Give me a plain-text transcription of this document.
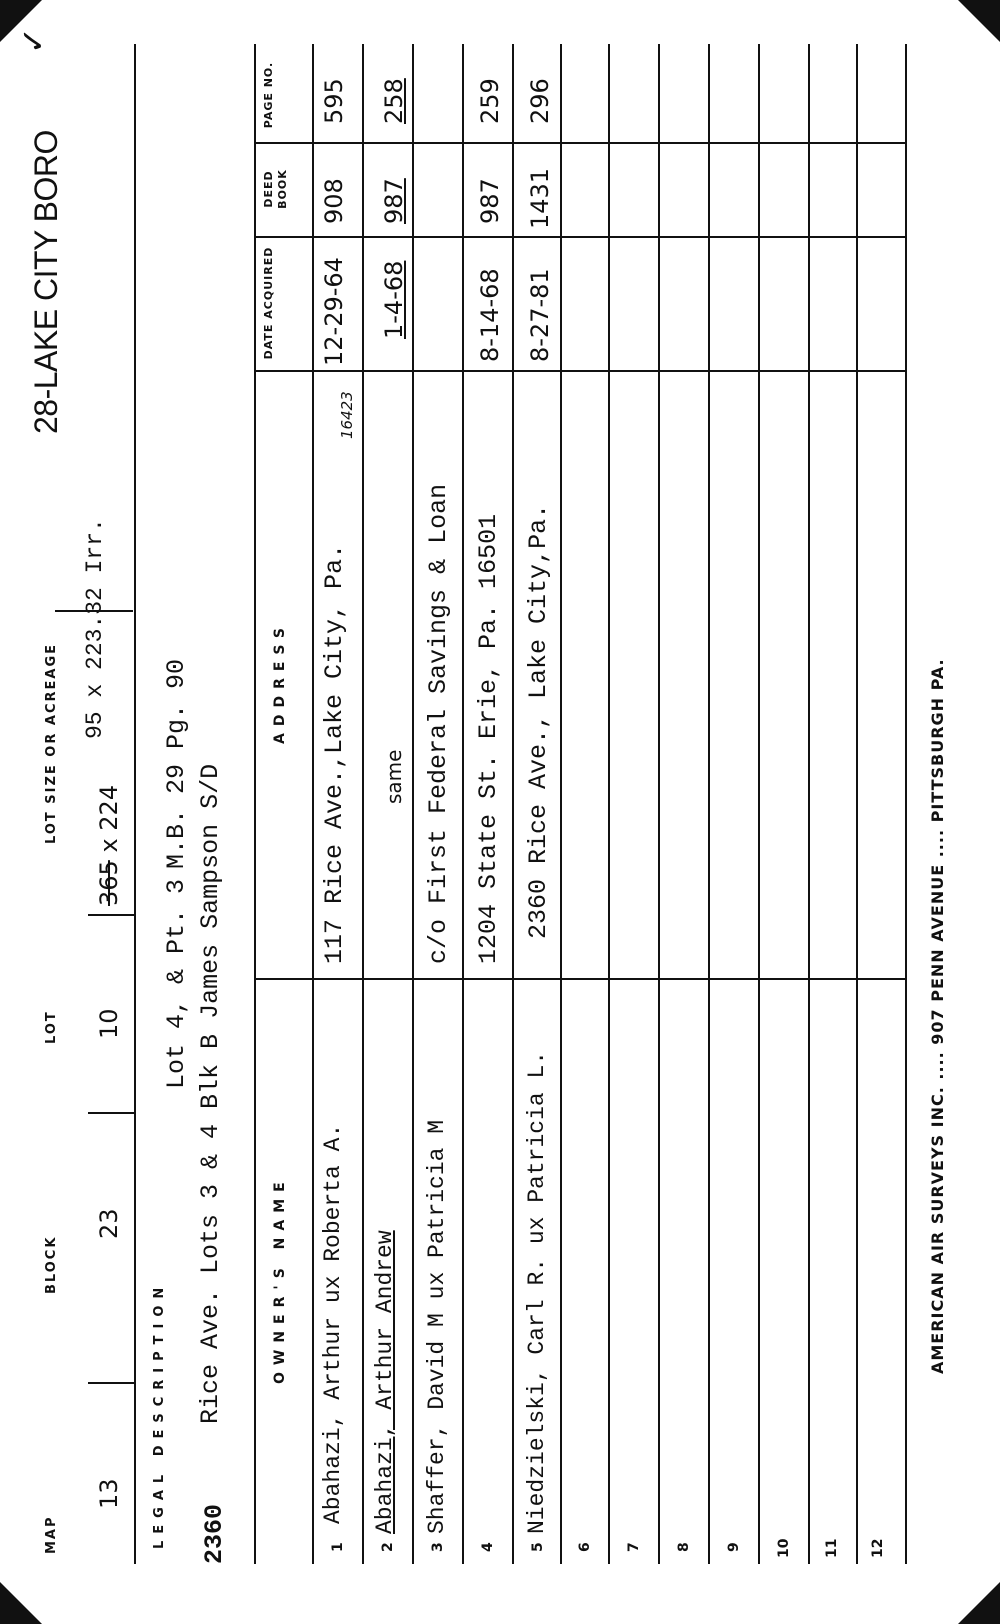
28-LAKE CITY BORO
✓
MAP
BLOCK
LOT
LOT SIZE OR ACREAGE
13
23
10
365 x 224
95 x 223.32 Irr.
LEGAL DESCRIPTION
Lot 4, & Pt. 3
M.B. 29 Pg. 90
2360
Rice Ave. Lots 3 & 4 Blk B James Sampson S/D	OWNER'S NAME
ADDRESS
DATE ACQUIRED
DEED BOOK
PAGE NO.
1
Abahazi, Arthur ux Roberta A.
117 Rice Ave.,Lake City, Pa.
16423
12-29-64
908
595
2
Abahazi, Arthur Andrew
same
1-4-68
987
258
3
Shaffer, David M ux Patricia M
c/o First Federal Savings & Loan
4
1204 State St. Erie, Pa. 16501
8-14-68
987
259
5
Niedzielski, Carl R. ux Patricia L.
2360 Rice Ave., Lake City,Pa.
8-27-81
1431
296
6 7 8 9 10 11 12
AMERICAN AIR SURVEYS INC. .... 907 PENN AVENUE .... PITTSBURGH PA.
